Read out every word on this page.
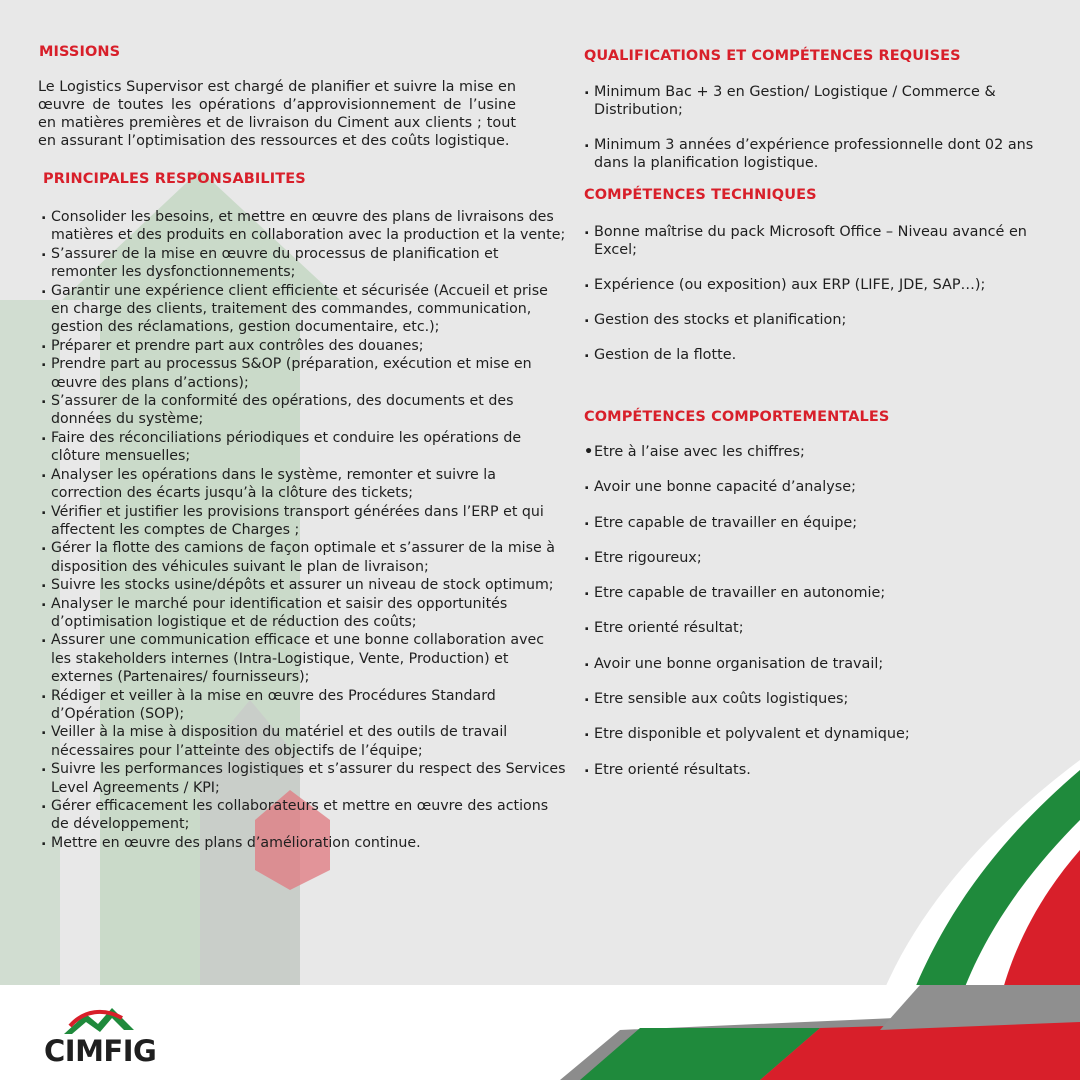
MISSIONS

Le Logistics Supervisor est chargé de planifier et suivre la mise en œuvre de toutes les opérations d’approvisionnement de l’usine en matières premières et de livraison du Ciment aux clients ; tout en assurant l’optimisation des ressources et des coûts logistique.

PRINCIPALES RESPONSABILITES
. Consolider les besoins, et mettre en œuvre des plans de livraisons des matières et des produits en collaboration avec la production et la vente;
. S’assurer de la mise en œuvre du processus de planification et remonter les dysfonctionnements;
. Garantir une expérience client efficiente et sécurisée (Accueil et prise en charge des clients, traitement des commandes, communication, gestion des réclamations, gestion documentaire, etc.);
. Préparer et prendre part aux contrôles des douanes;
. Prendre part au processus S&OP (préparation, exécution et mise en œuvre des plans d’actions);
. S’assurer de la conformité des opérations, des documents et des données du système;
. Faire des réconciliations périodiques et conduire les opérations de clôture mensuelles;
. Analyser les opérations dans le système, remonter et suivre la correction des écarts jusqu’à la clôture des tickets;
. Vérifier et justifier les provisions transport générées dans l’ERP et qui affectent les comptes de Charges ;
. Gérer la flotte des camions de façon optimale et s’assurer de la mise à disposition des véhicules suivant le plan de livraison;
. Suivre les stocks usine/dépôts et assurer un niveau de stock optimum;
. Analyser le marché pour identification et saisir des opportunités d’optimisation logistique et de réduction des coûts;
. Assurer une communication efficace et une bonne collaboration avec les stakeholders internes (Intra-Logistique, Vente, Production) et externes (Partenaires/ fournisseurs);
. Rédiger et veiller à la mise en œuvre des Procédures Standard d’Opération (SOP);
. Veiller à la mise à disposition du matériel et des outils de travail nécessaires pour l’atteinte des objectifs de l’équipe;
. Suivre les performances logistiques et s’assurer du respect des Services Level Agreements / KPI;
. Gérer efficacement les collaborateurs et mettre en œuvre des actions de développement;
. Mettre en œuvre des plans d’amélioration continue.
QUALIFICATIONS ET COMPÉTENCES REQUISES
. Minimum Bac + 3 en Gestion/ Logistique / Commerce & Distribution;
. Minimum 3 années d’expérience professionnelle dont 02 ans dans la planification logistique.
COMPÉTENCES TECHNIQUES
. Bonne maîtrise du pack Microsoft Office – Niveau avancé en Excel;
. Expérience (ou exposition) aux ERP (LIFE, JDE, SAP…);
. Gestion des stocks et planification;
. Gestion de la flotte.
COMPÉTENCES COMPORTEMENTALES
• Etre à l’aise avec les chiffres;
. Avoir une bonne capacité d’analyse;
. Etre capable de travailler en équipe;
. Etre rigoureux;
. Etre capable de travailler en autonomie;
. Etre orienté résultat;
. Avoir une bonne organisation de travail;
. Etre sensible aux coûts logistiques;
. Etre disponible et polyvalent et dynamique;
. Etre orienté résultats.
CIMFIG
